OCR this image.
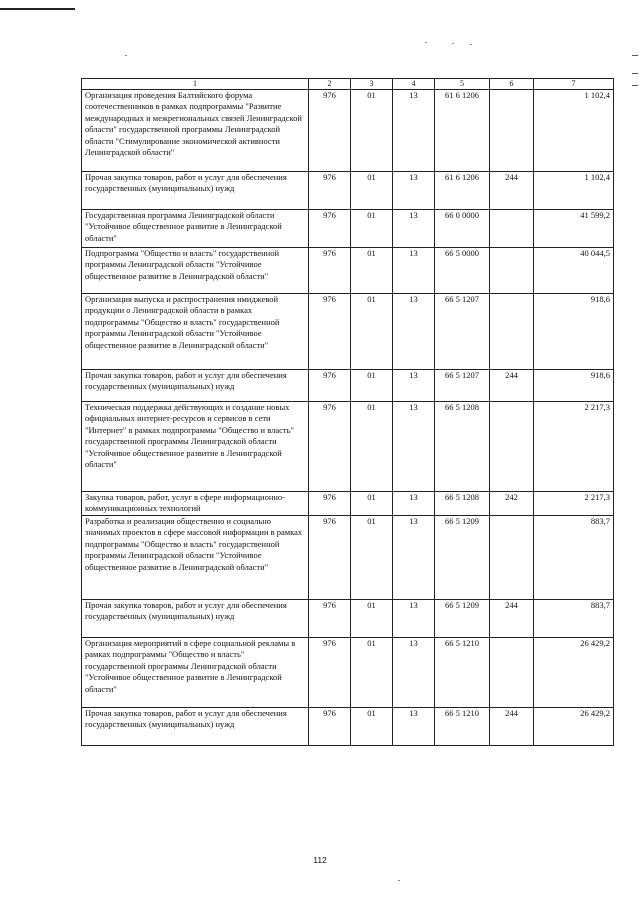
1	2	3	4	5	6	7
Организация проведения Балтийского форума соотечественников в рамках подпрограммы "Развитие международных и межрегиональных связей Ленинградской области" государственной программы Ленинградской области "Стимулирование экономической активности Ленинградской области"	976	01	13	61 6 1206		1 102,4
Прочая закупка товаров, работ и услуг для обеспечения государственных (муниципальных) нужд	976	01	13	61 6 1206	244	1 102,4
Государственная программа Ленинградской области "Устойчивое общественное развитие в Ленинградской области"	976	01	13	66 0 0000		41 599,2
Подпрограмма "Общество и власть" государственной программы Ленинградской области "Устойчивое общественное развитие в Ленинградской области"	976	01	13	66 5 0000		40 044,5
Организация выпуска и распространения имиджевой продукции о Ленинградской области в рамках подпрограммы "Общество и власть" государственной программы Ленинградской области "Устойчивое общественное развитие в Ленинградской области"	976	01	13	66 5 1207		918,6
Прочая закупка товаров, работ и услуг для обеспечения государственных (муниципальных) нужд	976	01	13	66 5 1207	244	918,6
Техническая поддержка действующих и создание новых официальных интернет-ресурсов и сервисов в сети "Интернет" в рамках подпрограммы "Общество и власть" государственной программы Ленинградской области "Устойчивое общественное развитие в Ленинградской области"	976	01	13	66 5 1208		2 217,3
Закупка товаров, работ, услуг в сфере информационно-коммуникационных технологий	976	01	13	66 5 1208	242	2 217,3
Разработка и реализация общественно и социально значимых проектов в сфере массовой информации в рамках подпрограммы "Общество и власть" государственной программы Ленинградской области "Устойчивое общественное развитие в Ленинградской области"	976	01	13	66 5 1209		883,7
Прочая закупка товаров, работ и услуг для обеспечения государственных (муниципальных) нужд	976	01	13	66 5 1209	244	883,7
Организация мероприятий в сфере социальной рекламы в рамках подпрограммы "Общество и власть" государственной программы Ленинградской области "Устойчивое общественное развитие в Ленинградской области"	976	01	13	66 5 1210		26 429,2
Прочая закупка товаров, работ и услуг для обеспечения государственных (муниципальных) нужд	976	01	13	66 5 1210	244	26 429,2
112
